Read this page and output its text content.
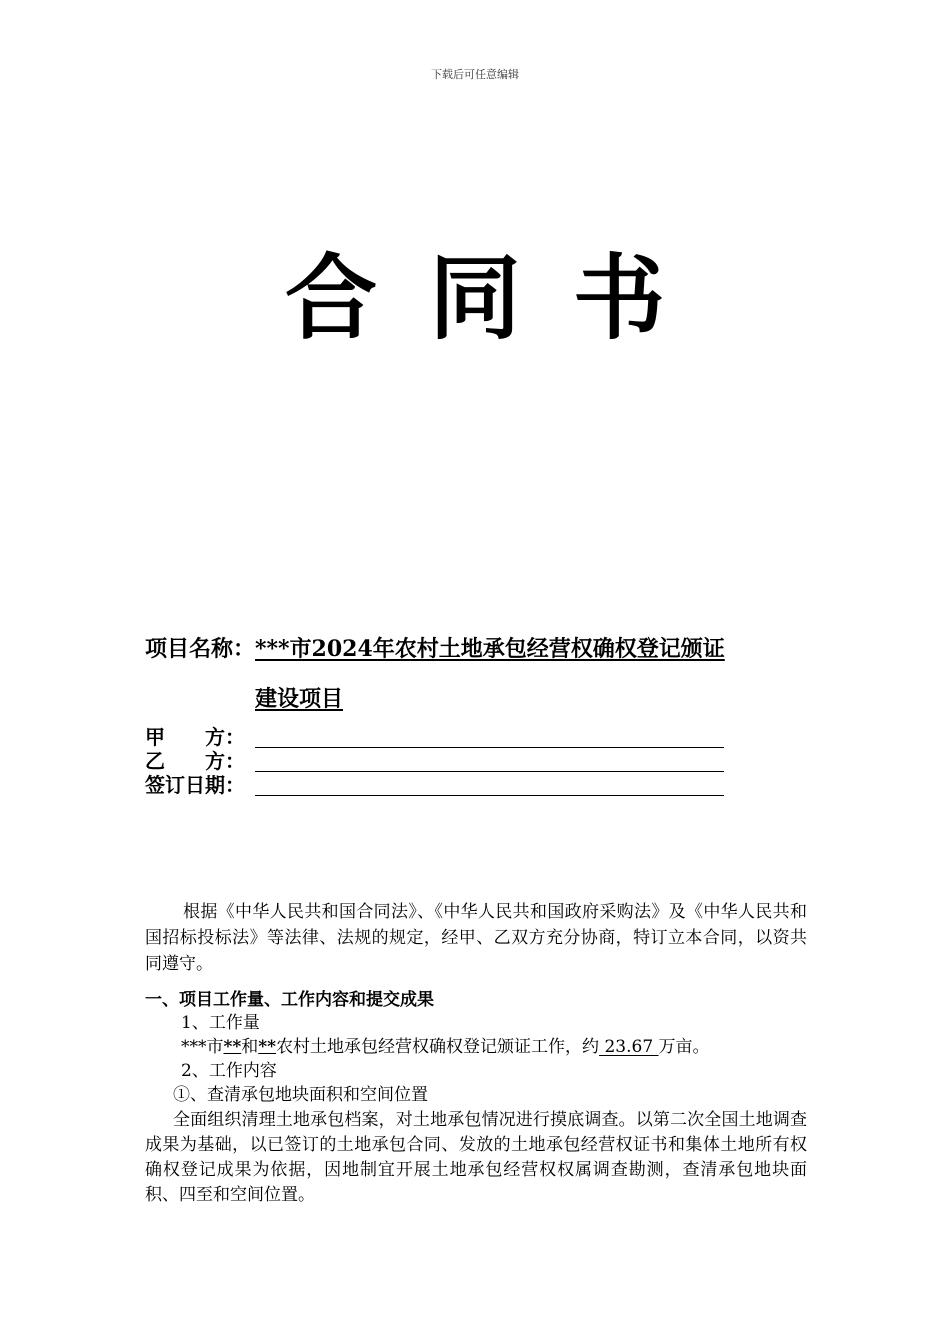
下载后可任意编辑
合同书
项目名称：***市2024年农村土地承包经营权确权登记颁证
建设项目
甲　　方：
乙　　方：
签订日期：
根据《中华人民共和国合同法》、《中华人民共和国政府采购法》及《中华人民共和国招标投标法》等法律、法规的规定，经甲、乙双方充分协商，特订立本合同，以资共同遵守。
一、项目工作量、工作内容和提交成果
1、工作量
***市**和**农村土地承包经营权确权登记颁证工作，约 23.67 万亩。
2、工作内容
①、查清承包地块面积和空间位置
全面组织清理土地承包档案，对土地承包情况进行摸底调查。以第二次全国土地调查成果为基础，以已签订的土地承包合同、发放的土地承包经营权证书和集体土地所有权确权登记成果为依据，因地制宜开展土地承包经营权权属调查勘测，查清承包地块面积、四至和空间位置。
